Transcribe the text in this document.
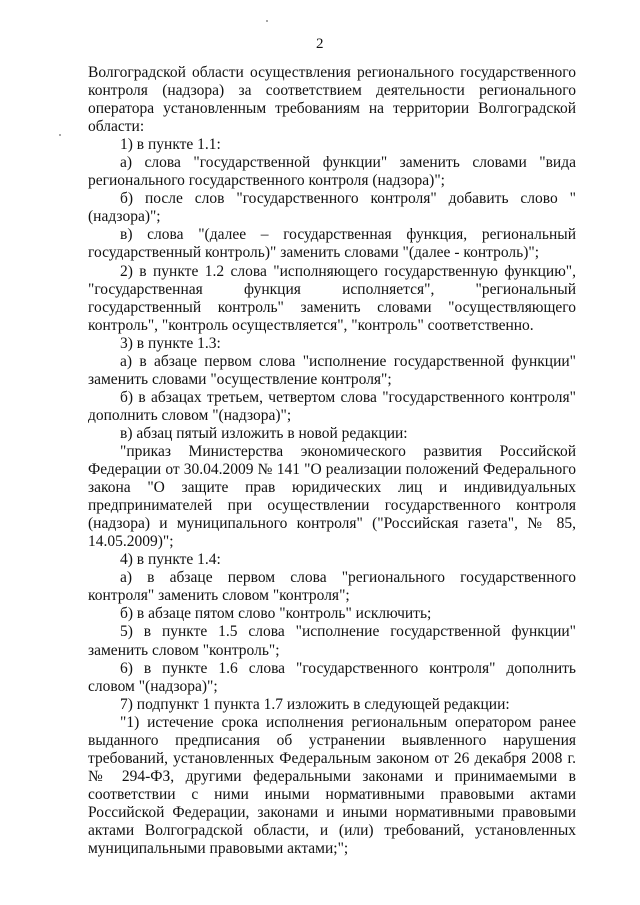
2

Волгоградской области осуществления регионального государственного контроля (надзора) за соответствием деятельности регионального оператора установленным требованиям на территории Волгоградской области:

1) в пункте 1.1:

а) слова "государственной функции" заменить словами "вида регионального государственного контроля (надзора)";

б) после слов "государственного контроля" добавить слово "(надзора)";

в) слова "(далее – государственная функция, региональный государственный контроль)" заменить словами "(далее - контроль)";

2) в пункте 1.2 слова "исполняющего государственную функцию", "государственная функция исполняется", "региональный государственный контроль" заменить словами "осуществляющего контроль", "контроль осуществляется", "контроль" соответственно.

3) в пункте 1.3:

а) в абзаце первом слова "исполнение государственной функции" заменить словами "осуществление контроля";

б) в абзацах третьем, четвертом слова "государственного контроля" дополнить словом "(надзора)";

в) абзац пятый изложить в новой редакции:

"приказ Министерства экономического развития Российской Федерации от 30.04.2009 № 141 "О реализации положений Федерального закона "О защите прав юридических лиц и индивидуальных предпринимателей при осуществлении государственного контроля (надзора) и муниципального контроля" ("Российская газета", № 85, 14.05.2009)";

4) в пункте 1.4:

а) в абзаце первом слова "регионального государственного контроля" заменить словом "контроля";

б) в абзаце пятом слово "контроль" исключить;

5) в пункте 1.5 слова "исполнение государственной функции" заменить словом "контроль";

6) в пункте 1.6 слова "государственного контроля" дополнить словом "(надзора)";

7) подпункт 1 пункта 1.7 изложить в следующей редакции:

"1) истечение срока исполнения региональным оператором ранее выданного предписания об устранении выявленного нарушения требований, установленных Федеральным законом от 26 декабря 2008 г. № 294-ФЗ, другими федеральными законами и принимаемыми в соответствии с ними иными нормативными правовыми актами Российской Федерации, законами и иными нормативными правовыми актами Волгоградской области, и (или) требований, установленных муниципальными правовыми актами;";
